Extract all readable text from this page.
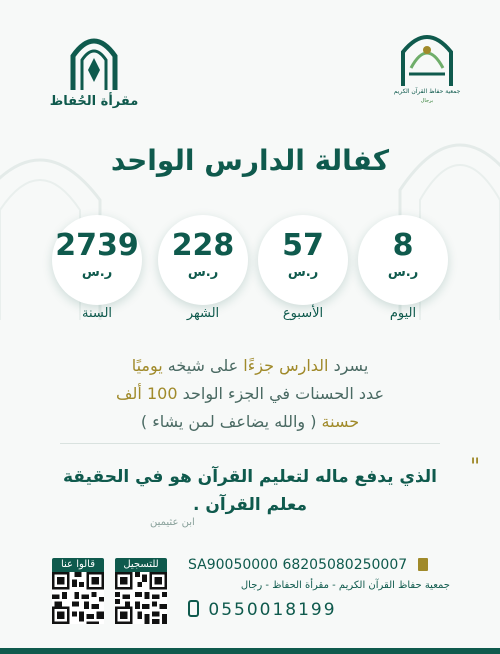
مقرأة الحُفاظ
جمعية حفاظ القرآن الكريم
برجال
كفالة الدارس الواحد
8
ر.س
اليوم
57
ر.س
الأسبوع
228
ر.س
الشهر
2739
ر.س
السنة
يسرد الدارس جزءًا على شيخه يوميًا
عدد الحسنات في الجزء الواحد 100 ألف
حسنة ( والله يضاعف لمن يشاء )
"
الذي يدفع ماله لتعليم القرآن هو في الحقيقة
معلم القرآن .
ابن عثيمين
SA90050000 68205080250007
جمعية حفاظ القرآن الكريم - مقرأة الحفاظ - رجال
0550018199
للتسجيل
قالوا عنا
